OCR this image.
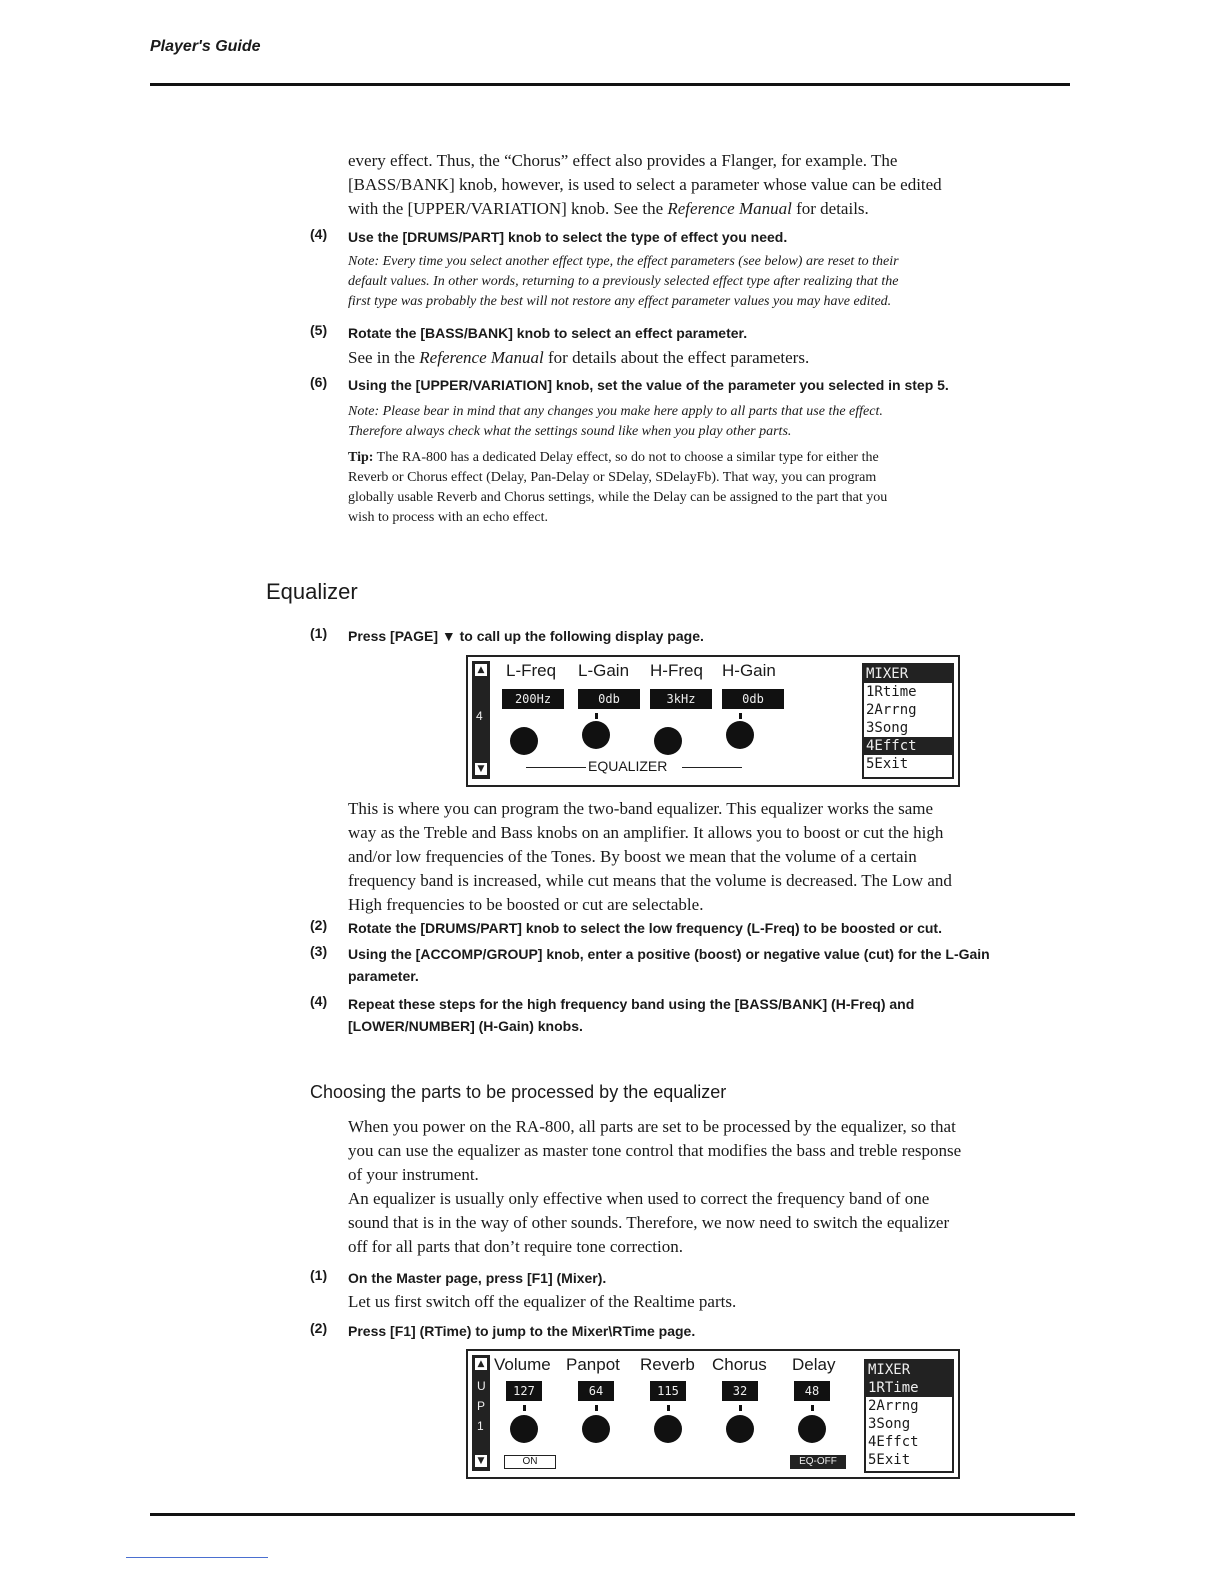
Player's Guide

every effect. Thus, the “Chorus” effect also provides a Flanger, for example. The

[BASS/BANK] knob, however, is used to select a parameter whose value can be edited

with the [UPPER/VARIATION] knob. See the Reference Manual for details.

(4) Use the [DRUMS/PART] knob to select the type of effect you need.
Note: Every time you select another effect type, the effect parameters (see below) are reset to their
default values. In other words, returning to a previously selected effect type after realizing that the
first type was probably the best will not restore any effect parameter values you may have edited.
(5) Rotate the [BASS/BANK] knob to select an effect parameter.
See in the Reference Manual for details about the effect parameters.
(6) Using the [UPPER/VARIATION] knob, set the value of the parameter you selected in step 5.
Note: Please bear in mind that any changes you make here apply to all parts that use the effect.
Therefore always check what the settings sound like when you play other parts.
Tip: The RA-800 has a dedicated Delay effect, so do not to choose a similar type for either the
Reverb or Chorus effect (Delay, Pan-Delay or SDelay, SDelayFb). That way, you can program
globally usable Reverb and Chorus settings, while the Delay can be assigned to the part that you
wish to process with an echo effect.
Equalizer
(1) Press [PAGE] ▼ to call up the following display page.
▲
4
▼
L-Freq L-Gain H-Freq H-Gain
200Hz	0db	3kHz	0db
EQUALIZER
MIXER
1Rtime
2Arrng
3Song
4Effct
5Exit

This is where you can program the two-band equalizer. This equalizer works the same

way as the Treble and Bass knobs on an amplifier. It allows you to boost or cut the high

and/or low frequencies of the Tones. By boost we mean that the volume of a certain

frequency band is increased, while cut means that the volume is decreased. The Low and

High frequencies to be boosted or cut are selectable.

(2) Rotate the [DRUMS/PART] knob to select the low frequency (L-Freq) to be boosted or cut.
(3) Using the [ACCOMP/GROUP] knob, enter a positive (boost) or negative value (cut) for the L-Gain
parameter.
(4) Repeat these steps for the high frequency band using the [BASS/BANK] (H-Freq) and
[LOWER/NUMBER] (H-Gain) knobs.
Choosing the parts to be processed by the equalizer

When you power on the RA-800, all parts are set to be processed by the equalizer, so that

you can use the equalizer as master tone control that modifies the bass and treble response

of your instrument.

An equalizer is usually only effective when used to correct the frequency band of one

sound that is in the way of other sounds. Therefore, we now need to switch the equalizer

off for all parts that don’t require tone correction.

(1) On the Master page, press [F1] (Mixer).
Let us first switch off the equalizer of the Realtime parts.
(2) Press [F1] (RTime) to jump to the Mixer\RTime page.
▲
U
P
1
▼
Volume Panpot Reverb Chorus Delay
127	64	115	32	48
ON	EQ-OFF
MIXER
1RTime
2Arrng
3Song
4Effct
5Exit
